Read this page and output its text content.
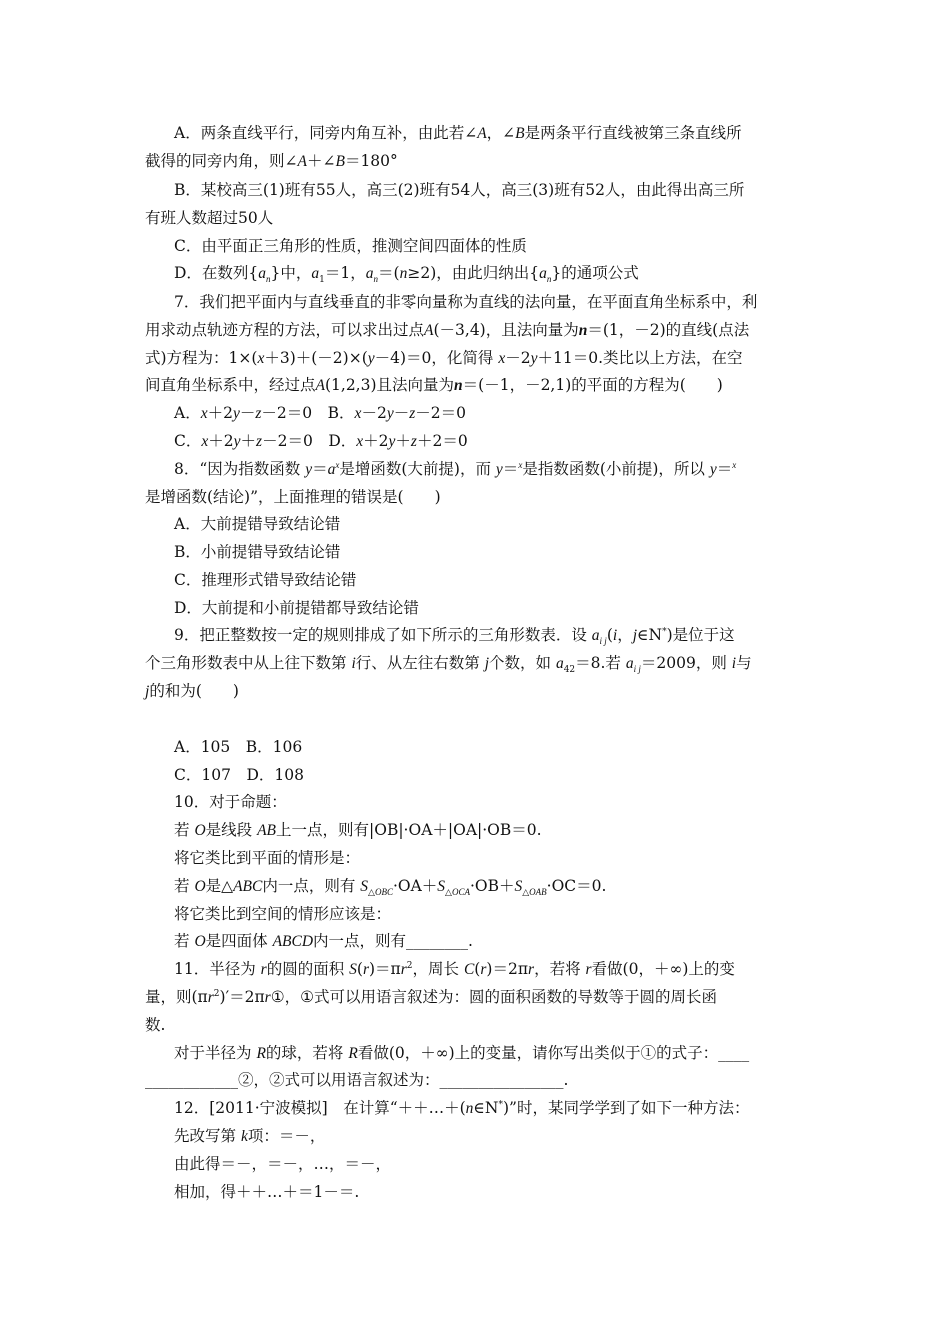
A．两条直线平行，同旁内角互补，由此若∠A，∠B是两条平行直线被第三条直线所
截得的同旁内角，则∠A＋∠B＝180°
B．某校高三(1)班有55人，高三(2)班有54人，高三(3)班有52人，由此得出高三所
有班人数超过50人
C．由平面正三角形的性质，推测空间四面体的性质
D．在数列$\{a_n\}$中，$a_1=1$，$a_n=(n\ge 2)$，由此归纳出$\{a_n\}$的通项公式
7．我们把平面内与直线垂直的非零向量称为直线的法向量，在平面直角坐标系中，利
用求动点轨迹方程的方法，可以求出过点A(－3,4)，且法向量为n＝(1，－2)的直线(点法
式)方程为：1×(x＋3)＋(－2)×(y－4)＝0，化简得 x－2y＋11＝0.类比以上方法，在空
间直角坐标系中，经过点A(1,2,3)且法向量为n＝(－1，－2,1)的平面的方程为(　　)
A．x＋2y－z－2＝0　B．x－2y－z－2＝0
C．x＋2y＋z－2＝0　D．x＋2y＋z＋2＝0
8．“因为指数函数 $y=a^x$是增函数(大前提)，而 y＝$^x$是指数函数(小前提)，所以 y＝$^x$
是增函数(结论)”，上面推理的错误是(　　)
A．大前提错导致结论错
B．小前提错导致结论错
C．推理形式错导致结论错
D．大前提和小前提错都导致结论错
9．把正整数按一定的规则排成了如下所示的三角形数表．设 $a_{i j}(i$，j∈N*)是位于这
个三角形数表中从上往下数第 i行、从左往右数第 j个数，如 $a_{42}=8$.若 $a_{i j}=2009$，则 i与
j的和为(　　)
A．105　B．106
C．107　D．108
10．对于命题：
若 O是线段 AB上一点，则有|OB|·OA＋|OA|·OB＝0.
将它类比到平面的情形是：
若 O是△ABC内一点，则有 $S_{\triangle OBC}\cdot OA+S_{\triangle OCA}\cdot OB+S_{\triangle OAB}\cdot OC=0$.
将它类比到空间的情形应该是：
若 O是四面体 ABCD内一点，则有________.
11．半径为 r的圆的面积 $S(r)=\pi r^2$，周长 C(r)＝2πr，若将 r看做(0，＋∞)上的变
量，则$(\pi r^2)'=2\pi r①$，①式可以用语言叙述为：圆的面积函数的导数等于圆的周长函
数.
对于半径为 R的球，若将 R看做(0，＋∞)上的变量，请你写出类似于①的式子：____
____________②，②式可以用语言叙述为：________________.
12．[2011·宁波模拟]　在计算“＋＋…＋(n∈N*)”时，某同学学到了如下一种方法：
先改写第 k项：＝－，
由此得＝－，＝－，…，＝－，
相加，得＋＋…＋＝1－＝.
